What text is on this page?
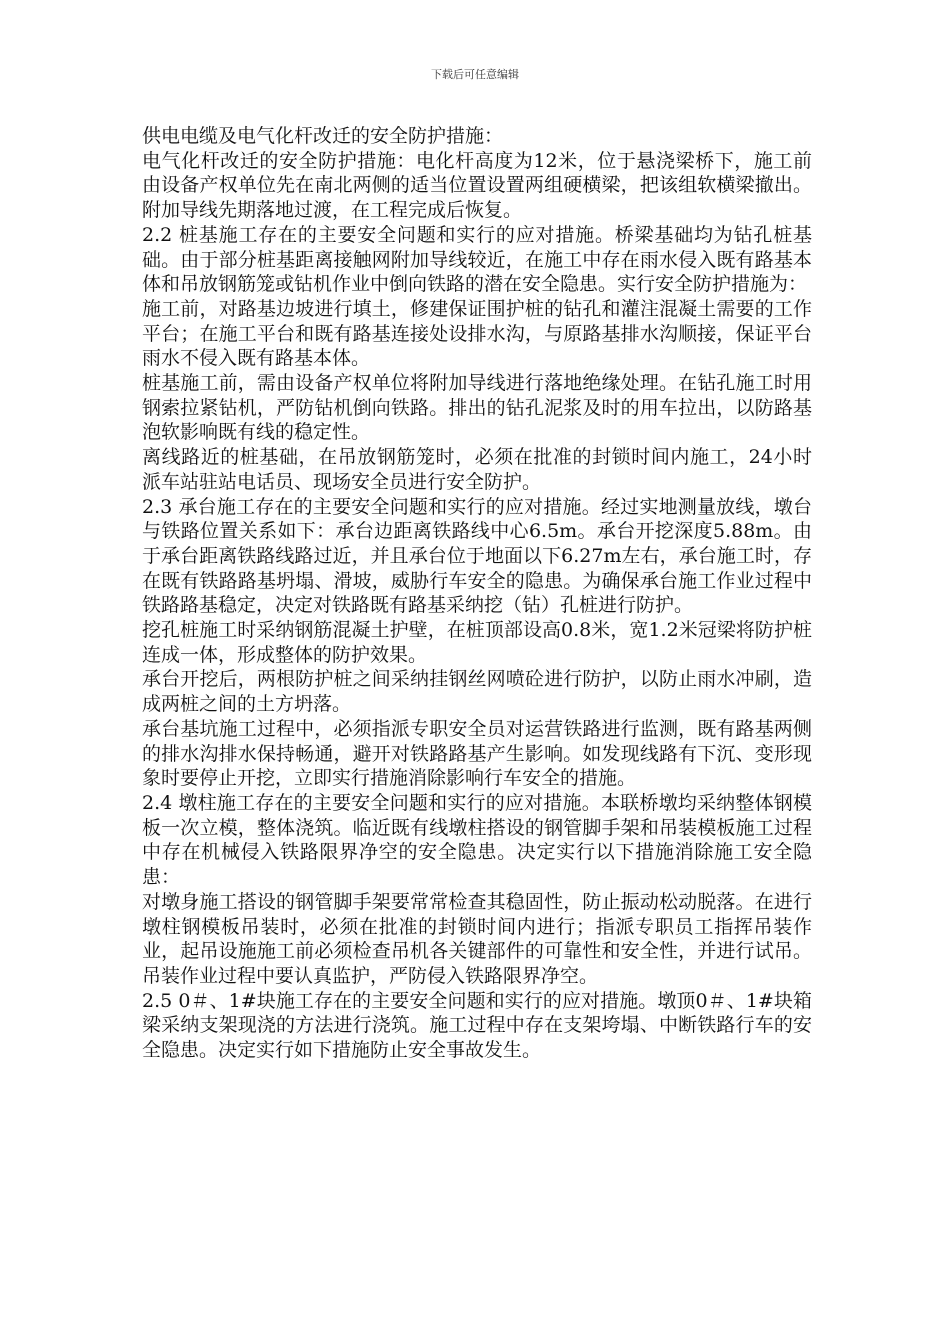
下载后可任意编辑

供电电缆及电气化杆改迁的安全防护措施：

电气化杆改迁的安全防护措施：电化杆高度为12米，位于悬浇梁桥下，施工前由设备产权单位先在南北两侧的适当位置设置两组硬横梁，把该组软横梁撤出。附加导线先期落地过渡，在工程完成后恢复。

2.2 桩基施工存在的主要安全问题和实行的应对措施。桥梁基础均为钻孔桩基础。由于部分桩基距离接触网附加导线较近，在施工中存在雨水侵入既有路基本体和吊放钢筋笼或钻机作业中倒向铁路的潜在安全隐患。实行安全防护措施为：

施工前，对路基边坡进行填土，修建保证围护桩的钻孔和灌注混凝土需要的工作平台；在施工平台和既有路基连接处设排水沟，与原路基排水沟顺接，保证平台雨水不侵入既有路基本体。

桩基施工前，需由设备产权单位将附加导线进行落地绝缘处理。在钻孔施工时用钢索拉紧钻机，严防钻机倒向铁路。排出的钻孔泥浆及时的用车拉出，以防路基泡软影响既有线的稳定性。

离线路近的桩基础，在吊放钢筋笼时，必须在批准的封锁时间内施工，24小时派车站驻站电话员、现场安全员进行安全防护。

2.3 承台施工存在的主要安全问题和实行的应对措施。经过实地测量放线，墩台与铁路位置关系如下：承台边距离铁路线中心6.5m。承台开挖深度5.88m。由于承台距离铁路线路过近，并且承台位于地面以下6.27m左右，承台施工时，存在既有铁路路基坍塌、滑坡，威胁行车安全的隐患。为确保承台施工作业过程中铁路路基稳定，决定对铁路既有路基采纳挖（钻）孔桩进行防护。

挖孔桩施工时采纳钢筋混凝土护壁，在桩顶部设高0.8米，宽1.2米冠梁将防护桩连成一体，形成整体的防护效果。

承台开挖后，两根防护桩之间采纳挂钢丝网喷砼进行防护，以防止雨水冲刷，造成两桩之间的土方坍落。

承台基坑施工过程中，必须指派专职安全员对运营铁路进行监测，既有路基两侧的排水沟排水保持畅通，避开对铁路路基产生影响。如发现线路有下沉、变形现象时要停止开挖，立即实行措施消除影响行车安全的措施。

2.4 墩柱施工存在的主要安全问题和实行的应对措施。本联桥墩均采纳整体钢模板一次立模，整体浇筑。临近既有线墩柱搭设的钢管脚手架和吊装模板施工过程中存在机械侵入铁路限界净空的安全隐患。决定实行以下措施消除施工安全隐患：

对墩身施工搭设的钢管脚手架要常常检查其稳固性，防止振动松动脱落。在进行墩柱钢模板吊装时，必须在批准的封锁时间内进行；指派专职员工指挥吊装作业，起吊设施施工前必须检查吊机各关键部件的可靠性和安全性，并进行试吊。吊装作业过程中要认真监护，严防侵入铁路限界净空。

2.5 0＃、1#块施工存在的主要安全问题和实行的应对措施。墩顶0＃、1#块箱梁采纳支架现浇的方法进行浇筑。施工过程中存在支架垮塌、中断铁路行车的安全隐患。决定实行如下措施防止安全事故发生。
